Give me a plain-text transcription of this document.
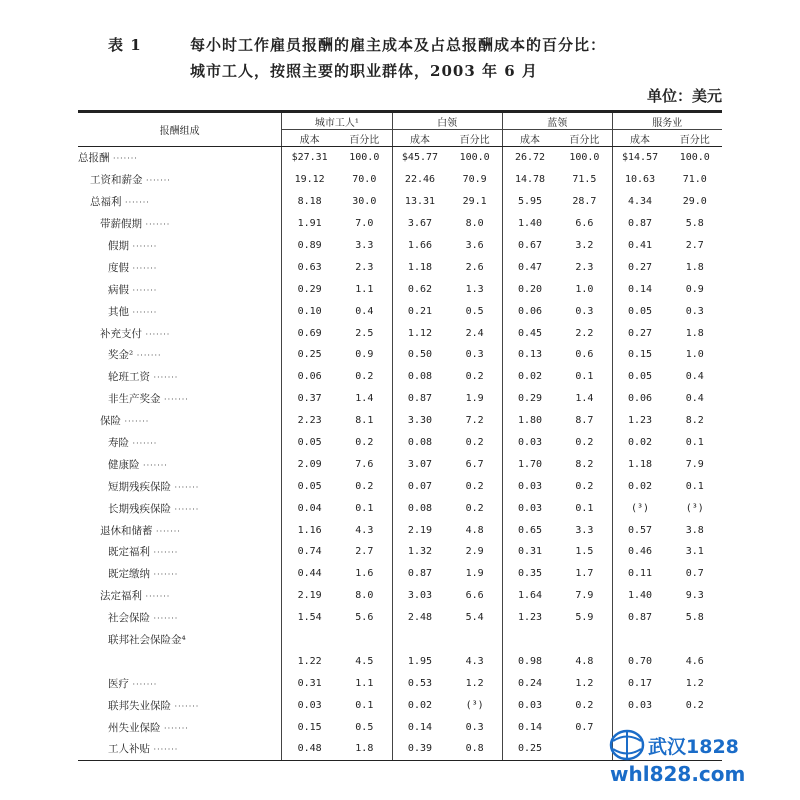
表 1	每小时工作雇员报酬的雇主成本及占总报酬成本的百分比：
城市工人，按照主要的职业群体，2003 年 6 月
单位：美元
报酬组成	城市工人¹		白领		蓝领		服务业	
	成本	百分比	成本	百分比	成本	百分比	成本	百分比
总报酬 ·······	$27.31	100.0	$45.77	100.0	26.72	100.0	$14.57	100.0
工资和薪金 ·······	19.12	70.0	22.46	70.9	14.78	71.5	10.63	71.0
总福利 ·······	8.18	30.0	13.31	29.1	5.95	28.7	4.34	29.0
带薪假期 ·······	1.91	7.0	3.67	8.0	1.40	6.6	0.87	5.8
假期 ·······	0.89	3.3	1.66	3.6	0.67	3.2	0.41	2.7
度假 ·······	0.63	2.3	1.18	2.6	0.47	2.3	0.27	1.8
病假 ·······	0.29	1.1	0.62	1.3	0.20	1.0	0.14	0.9
其他 ·······	0.10	0.4	0.21	0.5	0.06	0.3	0.05	0.3
补充支付 ·······	0.69	2.5	1.12	2.4	0.45	2.2	0.27	1.8
奖金² ·······	0.25	0.9	0.50	0.3	0.13	0.6	0.15	1.0
轮班工资 ·······	0.06	0.2	0.08	0.2	0.02	0.1	0.05	0.4
非生产奖金 ·······	0.37	1.4	0.87	1.9	0.29	1.4	0.06	0.4
保险 ·······	2.23	8.1	3.30	7.2	1.80	8.7	1.23	8.2
寿险 ·······	0.05	0.2	0.08	0.2	0.03	0.2	0.02	0.1
健康险 ·······	2.09	7.6	3.07	6.7	1.70	8.2	1.18	7.9
短期残疾保险 ·······	0.05	0.2	0.07	0.2	0.03	0.2	0.02	0.1
长期残疾保险 ·······	0.04	0.1	0.08	0.2	0.03	0.1	(³)	(³)
退休和储蓄 ·······	1.16	4.3	2.19	4.8	0.65	3.3	0.57	3.8
既定福利 ·······	0.74	2.7	1.32	2.9	0.31	1.5	0.46	3.1
既定缴纳 ·······	0.44	1.6	0.87	1.9	0.35	1.7	0.11	0.7
法定福利 ·······	2.19	8.0	3.03	6.6	1.64	7.9	1.40	9.3
社会保险 ·······	1.54	5.6	2.48	5.4	1.23	5.9	0.87	5.8
联邦社会保险金⁴								
	1.22	4.5	1.95	4.3	0.98	4.8	0.70	4.6
医疗 ·······	0.31	1.1	0.53	1.2	0.24	1.2	0.17	1.2
联邦失业保险 ·······	0.03	0.1	0.02	(³)	0.03	0.2	0.03	0.2
州失业保险 ·······	0.15	0.5	0.14	0.3	0.14	0.7		
工人补贴 ·······	0.48	1.8	0.39	0.8	0.25				武汉1828
whl828.com
